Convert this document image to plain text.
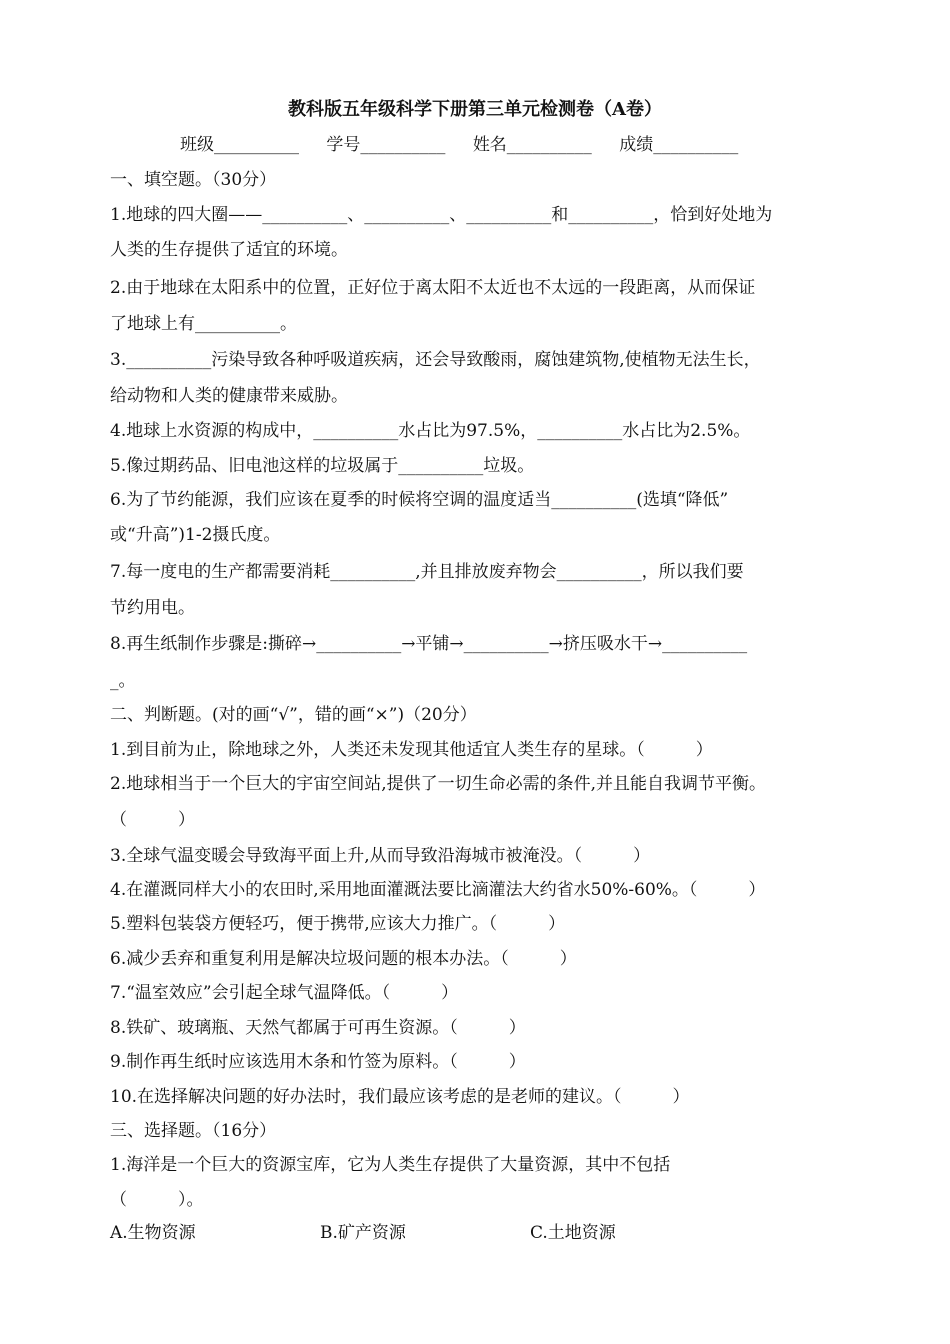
教科版五年级科学下册第三单元检测卷（A卷）
班级__________ 学号__________ 姓名__________ 成绩__________
一、填空题。（30分）
1.地球的四大圈——__________、__________、__________和__________，恰到好处地为
人类的生存提供了适宜的环境。
2.由于地球在太阳系中的位置，正好位于离太阳不太近也不太远的一段距离，从而保证
了地球上有__________。
3.__________污染导致各种呼吸道疾病，还会导致酸雨，腐蚀建筑物,使植物无法生长，
给动物和人类的健康带来威胁。
4.地球上水资源的构成中，__________水占比为97.5%，__________水占比为2.5%。
5.像过期药品、旧电池这样的垃圾属于__________垃圾。
6.为了节约能源，我们应该在夏季的时候将空调的温度适当__________(选填“降低”
或“升高”)1-2摄氏度。
7.每一度电的生产都需要消耗__________,并且排放废弃物会__________，所以我们要
节约用电。
8.再生纸制作步骤是:撕碎→__________→平铺→__________→挤压吸水干→__________
_。
二、判断题。(对的画“√”，错的画“×”)（20分）
1.到目前为止，除地球之外，人类还未发现其他适宜人类生存的星球。（　　　）
2.地球相当于一个巨大的宇宙空间站,提供了一切生命必需的条件,并且能自我调节平衡。
（　　　）
3.全球气温变暖会导致海平面上升,从而导致沿海城市被淹没。（　　　）
4.在灌溉同样大小的农田时,采用地面灌溉法要比滴灌法大约省水50%-60%。（　　　）
5.塑料包装袋方便轻巧，便于携带,应该大力推广。（　　　）
6.减少丢弃和重复利用是解决垃圾问题的根本办法。（　　　）
7.“温室效应”会引起全球气温降低。（　　　）
8.铁矿、玻璃瓶、天然气都属于可再生资源。（　　　）
9.制作再生纸时应该选用木条和竹签为原料。（　　　）
10.在选择解决问题的好办法时，我们最应该考虑的是老师的建议。（　　　）
三、选择题。（16分）
1.海洋是一个巨大的资源宝库，它为人类生存提供了大量资源，其中不包括
（　　　）。
A.生物资源	B.矿产资源	C.土地资源
